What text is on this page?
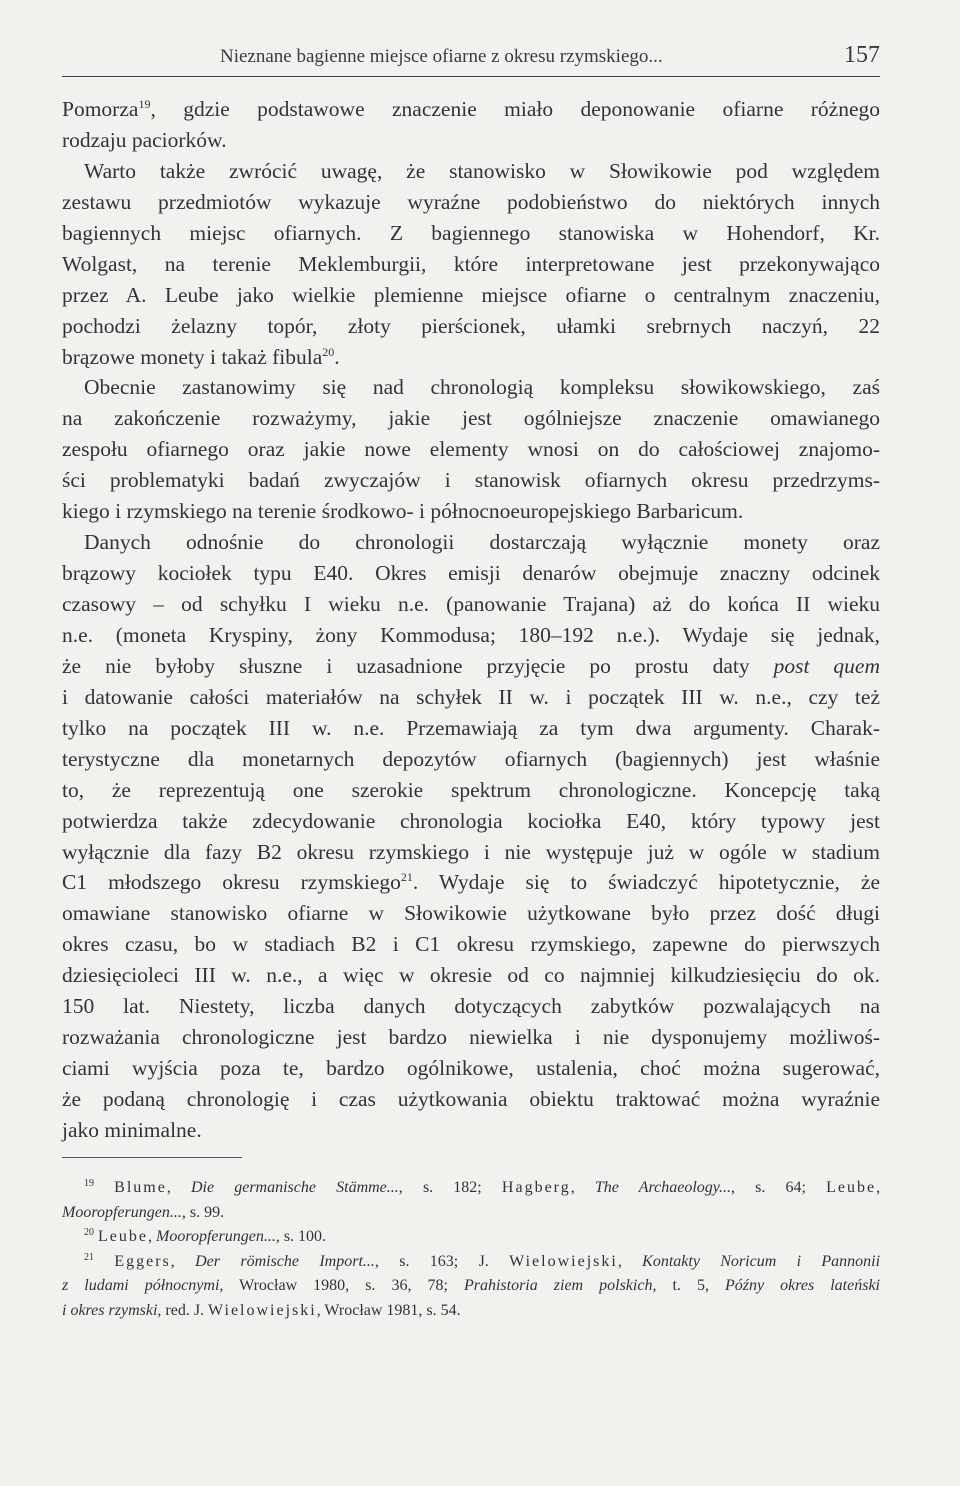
Nieznane bagienne miejsce ofiarne z okresu rzymskiego...	157
Pomorza$^{19}$, gdzie podstawowe znaczenie miało deponowanie ofiarne różnego
rodzaju paciorków.
Warto także zwrócić uwagę, że stanowisko w Słowikowie pod względem
zestawu przedmiotów wykazuje wyraźne podobieństwo do niektórych innych
bagiennych miejsc ofiarnych. Z bagiennego stanowiska w Hohendorf, Kr.
Wolgast, na terenie Meklemburgii, które interpretowane jest przekonywająco
przez A. Leube jako wielkie plemienne miejsce ofiarne o centralnym znaczeniu,
pochodzi żelazny topór, złoty pierścionek, ułamki srebrnych naczyń, 22
brązowe monety i takaż fibula$^{20}$.
Obecnie zastanowimy się nad chronologią kompleksu słowikowskiego, zaś
na zakończenie rozważymy, jakie jest ogólniejsze znaczenie omawianego
zespołu ofiarnego oraz jakie nowe elementy wnosi on do całościowej znajomo-
ści problematyki badań zwyczajów i stanowisk ofiarnych okresu przedrzyms-
kiego i rzymskiego na terenie środkowo- i północnoeuropejskiego Barbaricum.
Danych odnośnie do chronologii dostarczają wyłącznie monety oraz
brązowy kociołek typu E40. Okres emisji denarów obejmuje znaczny odcinek
czasowy – od schyłku I wieku n.e. (panowanie Trajana) aż do końca II wieku
n.e. (moneta Kryspiny, żony Kommodusa; 180–192 n.e.). Wydaje się jednak,
że nie byłoby słuszne i uzasadnione przyjęcie po prostu daty post quem
i datowanie całości materiałów na schyłek II w. i początek III w. n.e., czy też
tylko na początek III w. n.e. Przemawiają za tym dwa argumenty. Charak-
terystyczne dla monetarnych depozytów ofiarnych (bagiennych) jest właśnie
to, że reprezentują one szerokie spektrum chronologiczne. Koncepcję taką
potwierdza także zdecydowanie chronologia kociołka E40, który typowy jest
wyłącznie dla fazy B2 okresu rzymskiego i nie występuje już w ogóle w stadium
C1 młodszego okresu rzymskiego$^{21}$. Wydaje się to świadczyć hipotetycznie, że
omawiane stanowisko ofiarne w Słowikowie użytkowane było przez dość długi
okres czasu, bo w stadiach B2 i C1 okresu rzymskiego, zapewne do pierwszych
dziesięcioleci III w. n.e., a więc w okresie od co najmniej kilkudziesięciu do ok.
150 lat. Niestety, liczba danych dotyczących zabytków pozwalających na
rozważania chronologiczne jest bardzo niewielka i nie dysponujemy możliwoś-
ciami wyjścia poza te, bardzo ogólnikowe, ustalenia, choć można sugerować,
że podaną chronologię i czas użytkowania obiektu traktować można wyraźnie
jako minimalne.
$^{19}$ Blume, Die germanische Stämme..., s. 182; Hagberg, The Archaeology..., s. 64; Leube,
Mooropferungen..., s. 99.
$^{20}$ Leube, Mooropferungen..., s. 100.
$^{21}$ Eggers, Der römische Import..., s. 163; J. Wielowiejski, Kontakty Noricum i Pannonii
z ludami północnymi, Wrocław 1980, s. 36, 78; Prahistoria ziem polskich, t. 5, Późny okres lateński
i okres rzymski, red. J. Wielowiejski, Wrocław 1981, s. 54.
